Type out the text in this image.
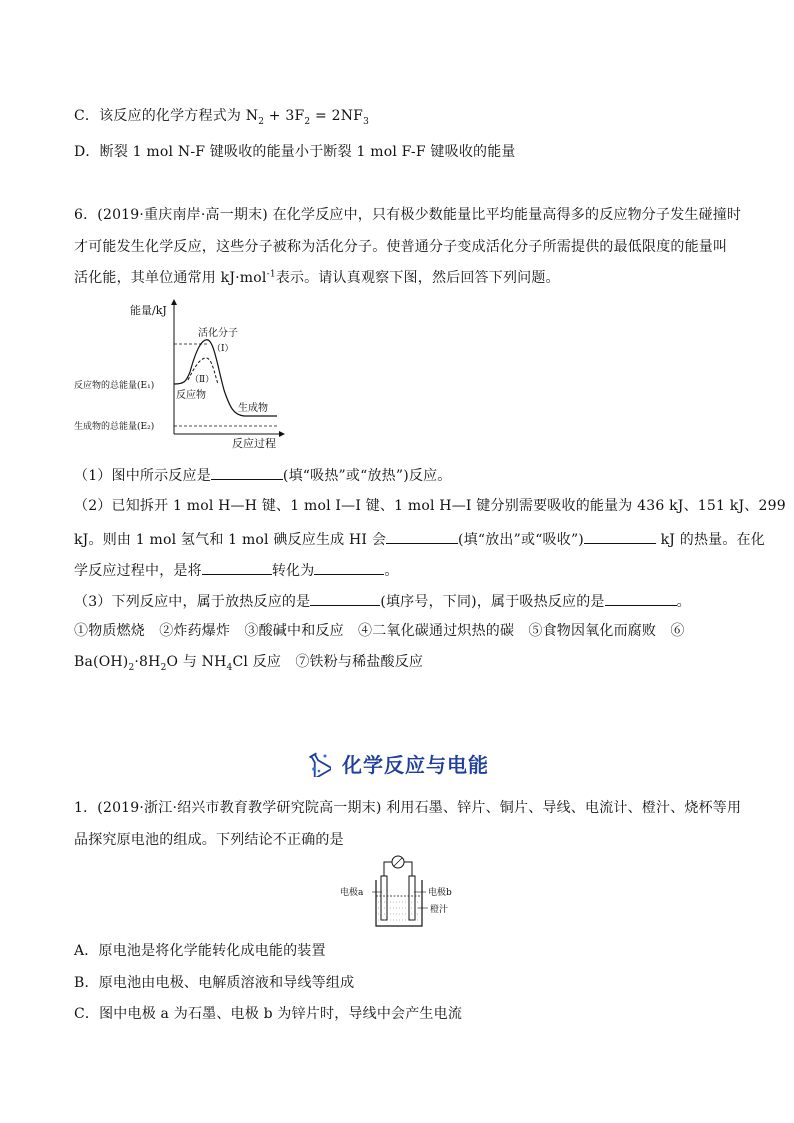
C．该反应的化学方程式为 $N_2 + 3F_2 = 2NF_3$
D．断裂 1 mol N-F 键吸收的能量小于断裂 1 mol F-F 键吸收的能量
6．(2019·重庆南岸·高一期末) 在化学反应中，只有极少数能量比平均能量高得多的反应物分子发生碰撞时
才可能发生化学反应，这些分子被称为活化分子。使普通分子变成活化分子所需提供的最低限度的能量叫
活化能，其单位通常用 kJ·mol$^{-1}$表示。请认真观察下图，然后回答下列问题。
能量/kJ
反应过程
活化分子
（Ⅰ）
（Ⅱ）
反应物
生成物
反应物的总能量(E₁)
生成物的总能量(E₂)
（1）图中所示反应是	(填“吸热”或“放热”)反应。
（2）已知拆开 1 mol H—H 键、1 mol I—I 键、1 mol H—I 键分别需要吸收的能量为 436 kJ、151 kJ、299
kJ。则由 1 mol 氢气和 1 mol 碘反应生成 HI 会	(填“放出”或“吸收”)	kJ 的热量。在化
学反应过程中，是将	转化为	。
（3）下列反应中，属于放热反应的是	(填序号，下同)，属于吸热反应的是	。
①物质燃烧　②炸药爆炸　③酸碱中和反应　④二氧化碳通过炽热的碳　⑤食物因氧化而腐败　⑥
$Ba(OH)_2\cdot 8H_2O$ 与 $NH_4Cl$ 反应　⑦铁粉与稀盐酸反应
化学反应与电能
1．(2019·浙江·绍兴市教育教学研究院高一期末) 利用石墨、锌片、铜片、导线、电流计、橙汁、烧杯等用
品探究原电池的组成。下列结论不正确的是
电极a	电极b
橙汁
A．原电池是将化学能转化成电能的装置
B．原电池由电极、电解质溶液和导线等组成
C．图中电极 a 为石墨、电极 b 为锌片时，导线中会产生电流
